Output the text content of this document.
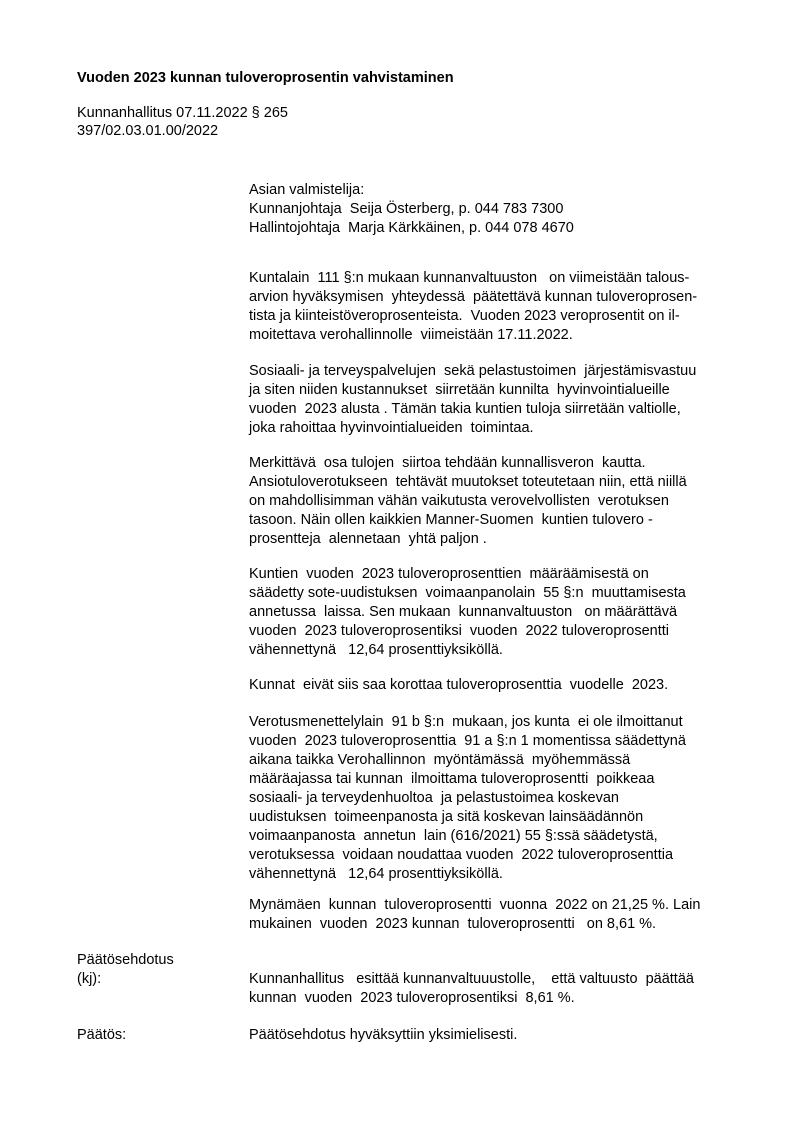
Vuoden 2023 kunnan tuloveroprosentin vahvistaminen
Kunnanhallitus 07.11.2022 § 265
397/02.03.01.00/2022
Asian valmistelija:
Kunnanjohtaja  Seija Österberg, p. 044 783 7300
Hallintojohtaja  Marja Kärkkäinen, p. 044 078 4670
Kuntalain  111 §:n mukaan kunnanvaltuuston   on viimeistään talous-
arvion hyväksymisen  yhteydessä  päätettävä kunnan tuloveroprosen-
tista ja kiinteistöveroprosenteista.  Vuoden 2023 veroprosentit on il-
moitettava verohallinnolle  viimeistään 17.11.2022.
Sosiaali- ja terveyspalvelujen  sekä pelastustoimen  järjestämisvastuu
ja siten niiden kustannukset  siirretään kunnilta  hyvinvointialueille
vuoden  2023 alusta . Tämän takia kuntien tuloja siirretään valtiolle,
joka rahoittaa hyvinvointialueiden  toimintaa.
Merkittävä  osa tulojen  siirtoa tehdään kunnallisveron  kautta.
Ansiotuloverotukseen  tehtävät muutokset toteutetaan niin, että niillä
on mahdollisimman vähän vaikutusta verovelvollisten  verotuksen
tasoon. Näin ollen kaikkien Manner-Suomen  kuntien tulovero -
prosentteja  alennetaan  yhtä paljon .
Kuntien  vuoden  2023 tuloveroprosenttien  määräämisestä on
säädetty sote-uudistuksen  voimaanpanolain  55 §:n  muuttamisesta
annetussa  laissa. Sen mukaan  kunnanvaltuuston   on määrättävä
vuoden  2023 tuloveroprosentiksi  vuoden  2022 tuloveroprosentti
vähennettynä   12,64 prosenttiyksiköllä.
Kunnat  eivät siis saa korottaa tuloveroprosenttia  vuodelle  2023.
Verotusmenettelylain  91 b §:n  mukaan, jos kunta  ei ole ilmoittanut
vuoden  2023 tuloveroprosenttia  91 a §:n 1 momentissa säädettynä
aikana taikka Verohallinnon  myöntämässä  myöhemmässä
määräajassa tai kunnan  ilmoittama tuloveroprosentti  poikkeaa
sosiaali- ja terveydenhuoltoa  ja pelastustoimea koskevan
uudistuksen  toimeenpanosta ja sitä koskevan lainsäädännön
voimaanpanosta  annetun  lain (616/2021) 55 §:ssä säädetystä,
verotuksessa  voidaan noudattaa vuoden  2022 tuloveroprosenttia
vähennettynä   12,64 prosenttiyksiköllä.
Mynämäen  kunnan  tuloveroprosentti  vuonna  2022 on 21,25 %. Lain
mukainen  vuoden  2023 kunnan  tuloveroprosentti   on 8,61 %.
Päätösehdotus
(kj):	Kunnanhallitus   esittää kunnanvaltuuustolle,    että valtuusto  päättää
kunnan  vuoden  2023 tuloveroprosentiksi  8,61 %.
Päätös:	Päätösehdotus hyväksyttiin yksimielisesti.
